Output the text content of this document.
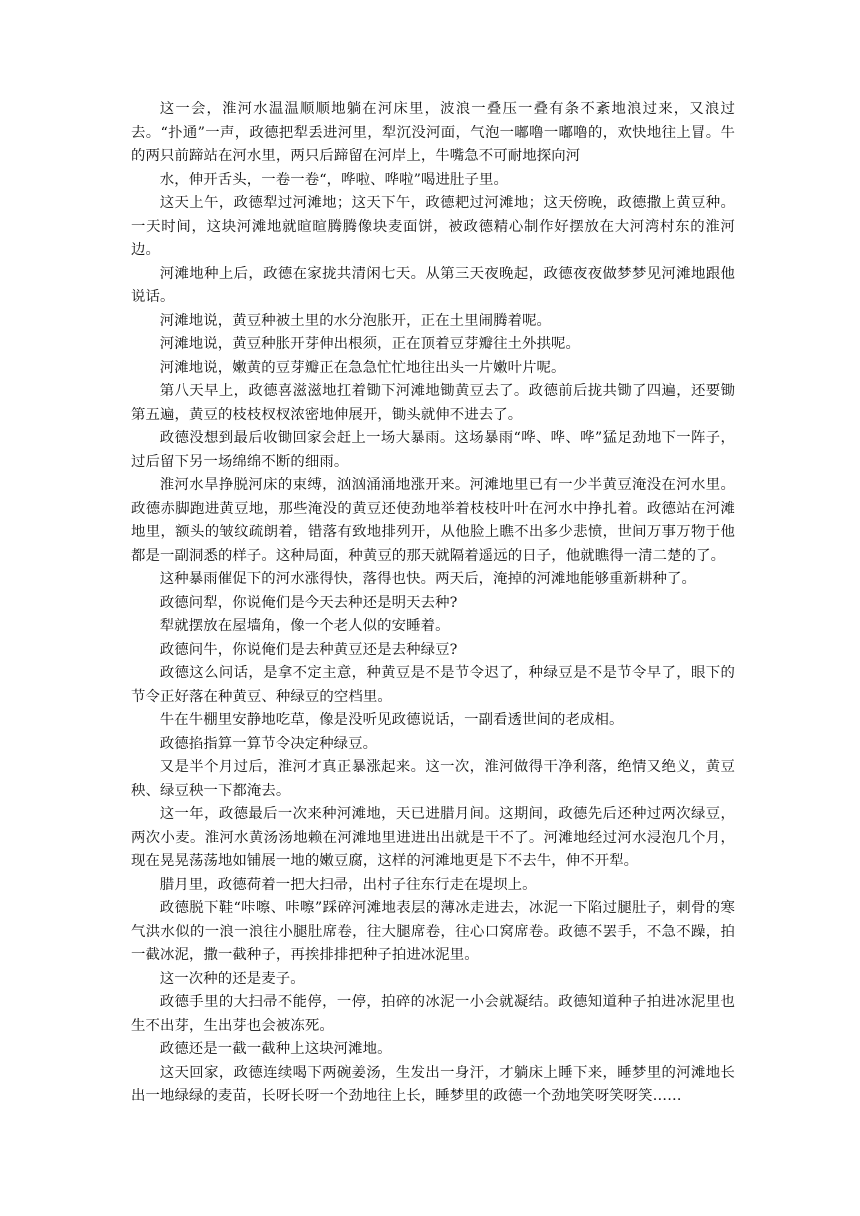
这一会，淮河水温温顺顺地躺在河床里，波浪一叠压一叠有条不紊地浪过来，又浪过去。“扑通”一声，政德把犁丢进河里，犁沉没河面，气泡一嘟噜一嘟噜的，欢快地往上冒。牛的两只前蹄站在河水里，两只后蹄留在河岸上，牛嘴急不可耐地探向河

水，伸开舌头，一卷一卷“，哗啦、哗啦”喝进肚子里。

这天上午，政德犁过河滩地；这天下午，政德耙过河滩地；这天傍晚，政德撒上黄豆种。一天时间，这块河滩地就暄暄腾腾像块麦面饼，被政德精心制作好摆放在大河湾村东的淮河边。

河滩地种上后，政德在家拢共清闲七天。从第三天夜晚起，政德夜夜做梦梦见河滩地跟他说话。

河滩地说，黄豆种被土里的水分泡胀开，正在土里闹腾着呢。

河滩地说，黄豆种胀开芽伸出根须，正在顶着豆芽瓣往土外拱呢。

河滩地说，嫩黄的豆芽瓣正在急急忙忙地往出头一片嫩叶片呢。

第八天早上，政德喜滋滋地扛着锄下河滩地锄黄豆去了。政德前后拢共锄了四遍，还要锄第五遍，黄豆的枝枝杈杈浓密地伸展开，锄头就伸不进去了。

政德没想到最后收锄回家会赶上一场大暴雨。这场暴雨“哗、哗、哗”猛足劲地下一阵子，过后留下另一场绵绵不断的细雨。

淮河水旱挣脱河床的束缚，汹汹涌涌地涨开来。河滩地里已有一少半黄豆淹没在河水里。政德赤脚跑进黄豆地，那些淹没的黄豆还使劲地举着枝枝叶叶在河水中挣扎着。政德站在河滩地里，额头的皱纹疏朗着，错落有致地排列开，从他脸上瞧不出多少悲愤，世间万事万物于他都是一副洞悉的样子。这种局面，种黄豆的那天就隔着遥远的日子，他就瞧得一清二楚的了。

这种暴雨催促下的河水涨得快，落得也快。两天后，淹掉的河滩地能够重新耕种了。

政德问犁，你说俺们是今天去种还是明天去种?

犁就摆放在屋墙角，像一个老人似的安睡着。

政德问牛，你说俺们是去种黄豆还是去种绿豆?

政德这么问话，是拿不定主意，种黄豆是不是节令迟了，种绿豆是不是节令早了，眼下的节令正好落在种黄豆、种绿豆的空档里。

牛在牛棚里安静地吃草，像是没听见政德说话，一副看透世间的老成相。

政德掐指算一算节令决定种绿豆。

又是半个月过后，淮河才真正暴涨起来。这一次，淮河做得干净利落，绝情又绝义，黄豆秧、绿豆秧一下都淹去。

这一年，政德最后一次来种河滩地，天已进腊月间。这期间，政德先后还种过两次绿豆，两次小麦。淮河水黄汤汤地赖在河滩地里进进出出就是干不了。河滩地经过河水浸泡几个月，现在晃晃荡荡地如铺展一地的嫩豆腐，这样的河滩地更是下不去牛，伸不开犁。

腊月里，政德荷着一把大扫帚，出村子往东行走在堤坝上。

政德脱下鞋“咔嚓、咔嚓”踩碎河滩地表层的薄冰走进去，冰泥一下陷过腿肚子，刺骨的寒气洪水似的一浪一浪往小腿肚席卷，往大腿席卷，往心口窝席卷。政德不罢手，不急不躁，拍一截冰泥，撒一截种子，再挨排排把种子拍进冰泥里。

这一次种的还是麦子。

政德手里的大扫帚不能停，一停，拍碎的冰泥一小会就凝结。政德知道种子拍进冰泥里也生不出芽，生出芽也会被冻死。

政德还是一截一截种上这块河滩地。

这天回家，政德连续喝下两碗姜汤，生发出一身汗，才躺床上睡下来，睡梦里的河滩地长出一地绿绿的麦苗，长呀长呀一个劲地往上长，睡梦里的政德一个劲地笑呀笑呀笑……
